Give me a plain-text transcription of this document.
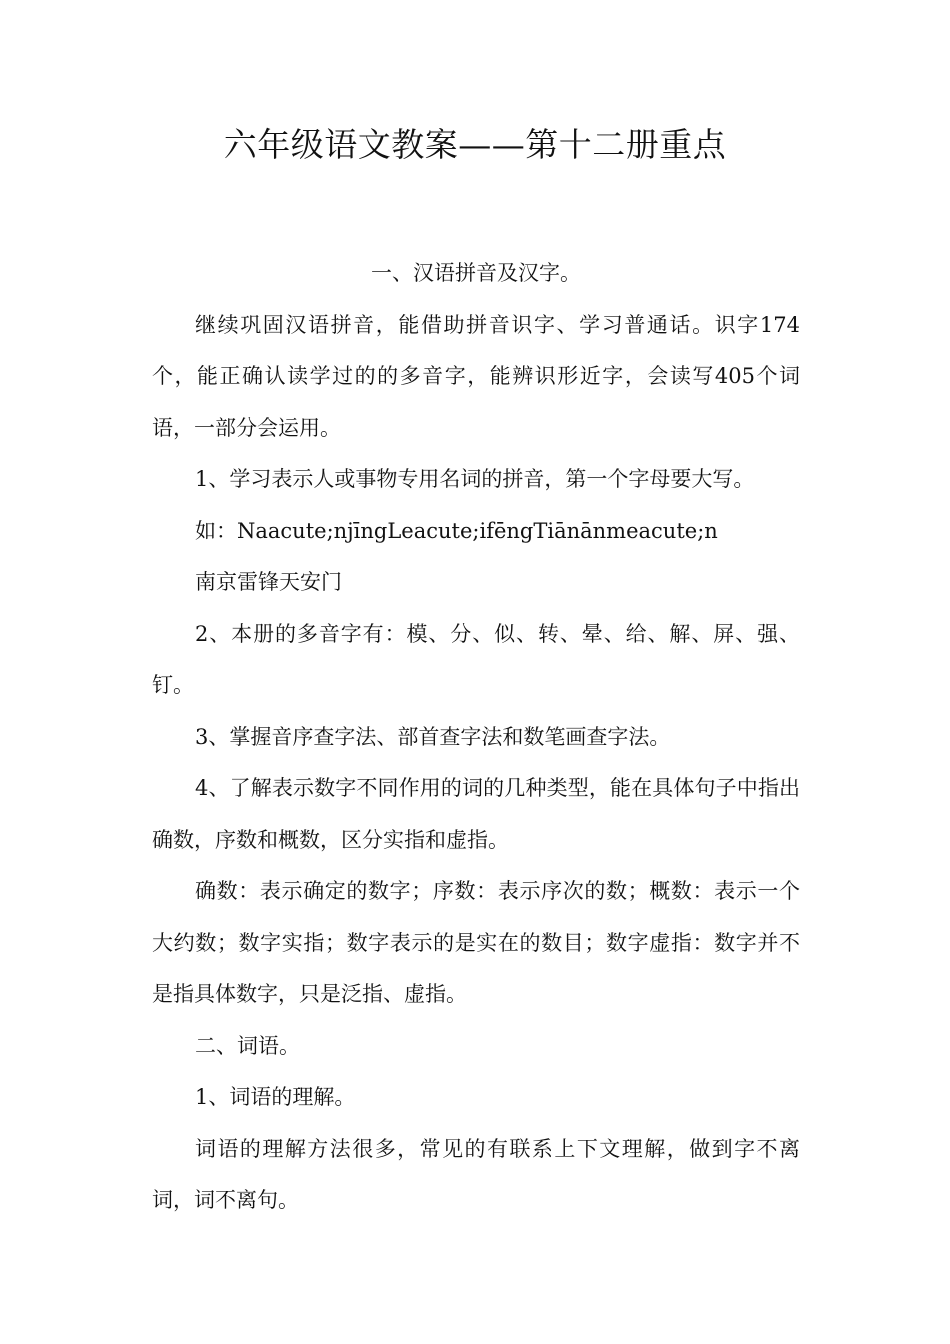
六年级语文教案——第十二册重点

一、汉语拼音及汉字。

继续巩固汉语拼音，能借助拼音识字、学习普通话。识字174个，能正确认读学过的的多音字，能辨识形近字，会读写405个词语，一部分会运用。

1、学习表示人或事物专用名词的拼音，第一个字母要大写。

如：Naacute;njīngLeacute;ifēngTiānānmeacute;n

南京雷锋天安门

2、本册的多音字有：模、分、似、转、晕、给、解、屏、强、钉。

3、掌握音序查字法、部首查字法和数笔画查字法。

4、了解表示数字不同作用的词的几种类型，能在具体句子中指出确数，序数和概数，区分实指和虚指。

确数：表示确定的数字；序数：表示序次的数；概数：表示一个大约数；数字实指；数字表示的是实在的数目；数字虚指：数字并不是指具体数字，只是泛指、虚指。

二、词语。

1、词语的理解。

词语的理解方法很多，常见的有联系上下文理解，做到字不离词，词不离句。
